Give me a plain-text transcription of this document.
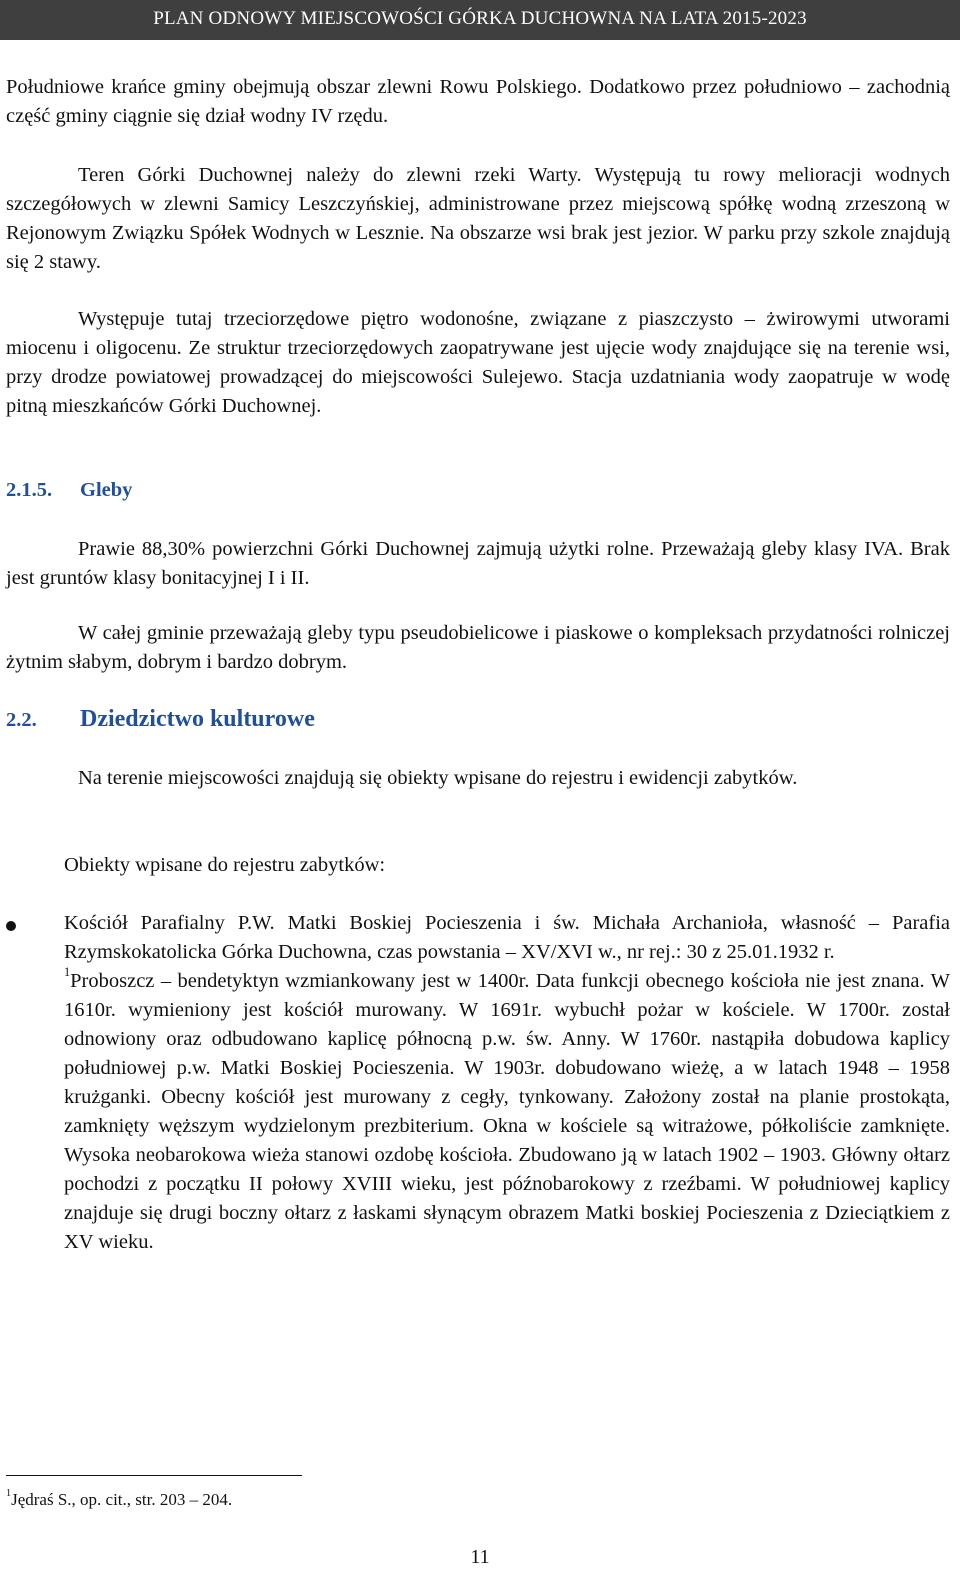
PLAN ODNOWY MIEJSCOWOŚCI GÓRKA DUCHOWNA NA LATA 2015-2023

Południowe krańce gminy obejmują obszar zlewni Rowu Polskiego. Dodatkowo przez południowo – zachodnią część gminy ciągnie się dział wodny IV rzędu.

Teren Górki Duchownej należy do zlewni rzeki Warty. Występują tu rowy melioracji wodnych szczegółowych w zlewni Samicy Leszczyńskiej, administrowane przez miejscową spółkę wodną zrzeszoną w Rejonowym Związku Spółek Wodnych w Lesznie. Na obszarze wsi brak jest jezior. W parku przy szkole znajdują się 2 stawy.

Występuje tutaj trzeciorzędowe piętro wodonośne, związane z piaszczysto – żwirowymi utworami miocenu i oligocenu. Ze struktur trzeciorzędowych zaopatrywane jest ujęcie wody znajdujące się na terenie wsi, przy drodze powiatowej prowadzącej do miejscowości Sulejewo. Stacja uzdatniania wody zaopatruje w wodę pitną mieszkańców Górki Duchownej.

2.1.5. Gleby

Prawie 88,30% powierzchni Górki Duchownej zajmują użytki rolne. Przeważają gleby klasy IVA. Brak jest gruntów klasy bonitacyjnej I i II.

W całej gminie przeważają gleby typu pseudobielicowe i piaskowe o kompleksach przydatności rolniczej żytnim słabym, dobrym i bardzo dobrym.

2.2. Dziedzictwo kulturowe

Na terenie miejscowości znajdują się obiekty wpisane do rejestru i ewidencji zabytków.

Obiekty wpisane do rejestru zabytków:

Kościół Parafialny P.W. Matki Boskiej Pocieszenia i św. Michała Archanioła, własność – Parafia Rzymskokatolicka Górka Duchowna, czas powstania – XV/XVI w., nr rej.: 30 z 25.01.1932 r.

$^1$Proboszcz – bendetyktyn wzmiankowany jest w 1400r. Data funkcji obecnego kościoła nie jest znana. W 1610r. wymieniony jest kościół murowany. W 1691r. wybuchł pożar w kościele. W 1700r. został odnowiony oraz odbudowano kaplicę północną p.w. św. Anny. W 1760r. nastąpiła dobudowa kaplicy południowej p.w. Matki Boskiej Pocieszenia. W 1903r. dobudowano wieżę, a w latach 1948 – 1958 krużganki. Obecny kościół jest murowany z cegły, tynkowany. Założony został na planie prostokąta, zamknięty węższym wydzielonym prezbiterium. Okna w kościele są witrażowe, półkoliście zamknięte. Wysoka neobarokowa wieża stanowi ozdobę kościoła. Zbudowano ją w latach 1902 – 1903. Główny ołtarz pochodzi z początku II połowy XVIII wieku, jest późnobarokowy z rzeźbami. W południowej kaplicy znajduje się drugi boczny ołtarz z łaskami słynącym obrazem Matki boskiej Pocieszenia z Dzieciątkiem z XV wieku.

$^1$Jędraś S., op. cit., str. 203 – 204.
11
